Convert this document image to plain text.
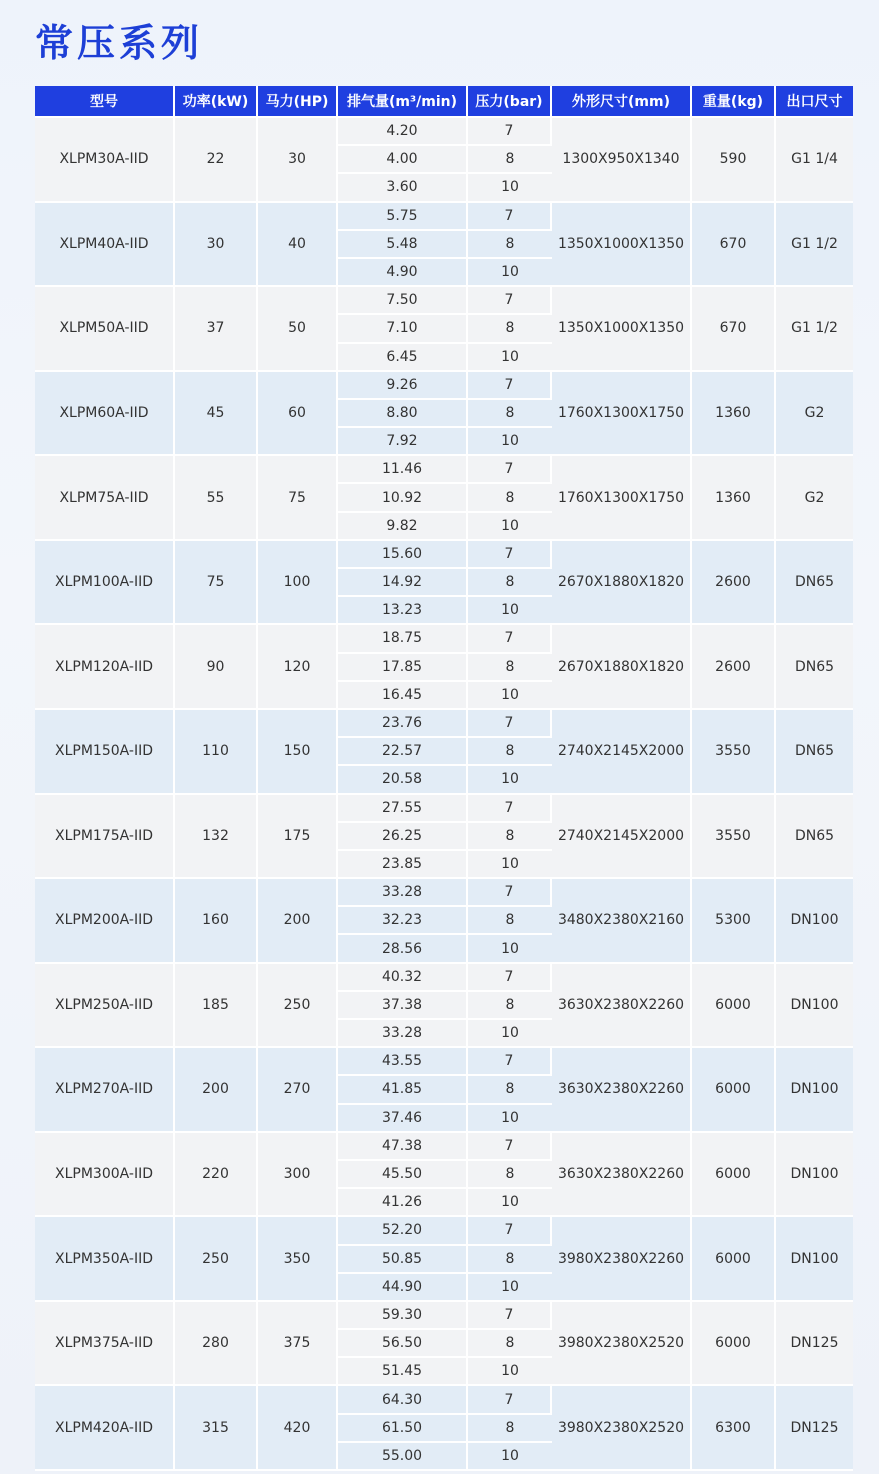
常压系列
型号	功率(kW)	马力(HP)	排气量(m³/min)	压力(bar)	外形尺寸(mm)	重量(kg)	出口尺寸
XLPM30A-IID	22	30	4.20	7	1300X950X1340	590	G1 1/4
			4.00	8			
			3.60	10			
XLPM40A-IID	30	40	5.75	7	1350X1000X1350	670	G1 1/2
			5.48	8			
			4.90	10			
XLPM50A-IID	37	50	7.50	7	1350X1000X1350	670	G1 1/2
			7.10	8			
			6.45	10			
XLPM60A-IID	45	60	9.26	7	1760X1300X1750	1360	G2
			8.80	8			
			7.92	10			
XLPM75A-IID	55	75	11.46	7	1760X1300X1750	1360	G2
			10.92	8			
			9.82	10			
XLPM100A-IID	75	100	15.60	7	2670X1880X1820	2600	DN65
			14.92	8			
			13.23	10			
XLPM120A-IID	90	120	18.75	7	2670X1880X1820	2600	DN65
			17.85	8			
			16.45	10			
XLPM150A-IID	110	150	23.76	7	2740X2145X2000	3550	DN65
			22.57	8			
			20.58	10			
XLPM175A-IID	132	175	27.55	7	2740X2145X2000	3550	DN65
			26.25	8			
			23.85	10			
XLPM200A-IID	160	200	33.28	7	3480X2380X2160	5300	DN100
			32.23	8			
			28.56	10			
XLPM250A-IID	185	250	40.32	7	3630X2380X2260	6000	DN100
			37.38	8			
			33.28	10			
XLPM270A-IID	200	270	43.55	7	3630X2380X2260	6000	DN100
			41.85	8			
			37.46	10			
XLPM300A-IID	220	300	47.38	7	3630X2380X2260	6000	DN100
			45.50	8			
			41.26	10			
XLPM350A-IID	250	350	52.20	7	3980X2380X2260	6000	DN100
			50.85	8			
			44.90	10			
XLPM375A-IID	280	375	59.30	7	3980X2380X2520	6000	DN125
			56.50	8			
			51.45	10			
XLPM420A-IID	315	420	64.30	7	3980X2380X2520	6300	DN125
			61.50	8			
			55.00	10			
